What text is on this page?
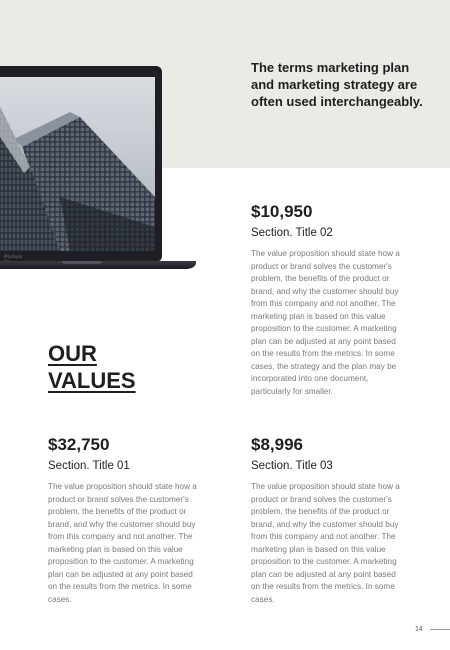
The terms marketing plan and marketing strategy are often used interchangeably.

MacBook
OUR
VALUES

$10,950

Section. Title 02

The value proposition should state how a product or brand solves the customer's problem, the benefits of the product or brand, and why the customer should buy from this company and not another. The marketing plan is based on this value proposition to the customer. A marketing plan can be adjusted at any point based on the results from the metrics. In some cases, the strategy and the plan may be incorporated into one document, particularly for smaller.

$32,750

Section. Title 01

The value proposition should state how a product or brand solves the customer's problem, the benefits of the product or brand, and why the customer should buy from this company and not another. The marketing plan is based on this value proposition to the customer. A marketing plan can be adjusted at any point based on the results from the metrics. In some cases.

$8,996

Section. Title 03

The value proposition should state how a product or brand solves the customer's problem, the benefits of the product or brand, and why the customer should buy from this company and not another. The marketing plan is based on this value proposition to the customer. A marketing plan can be adjusted at any point based on the results from the metrics. In some cases.

14
